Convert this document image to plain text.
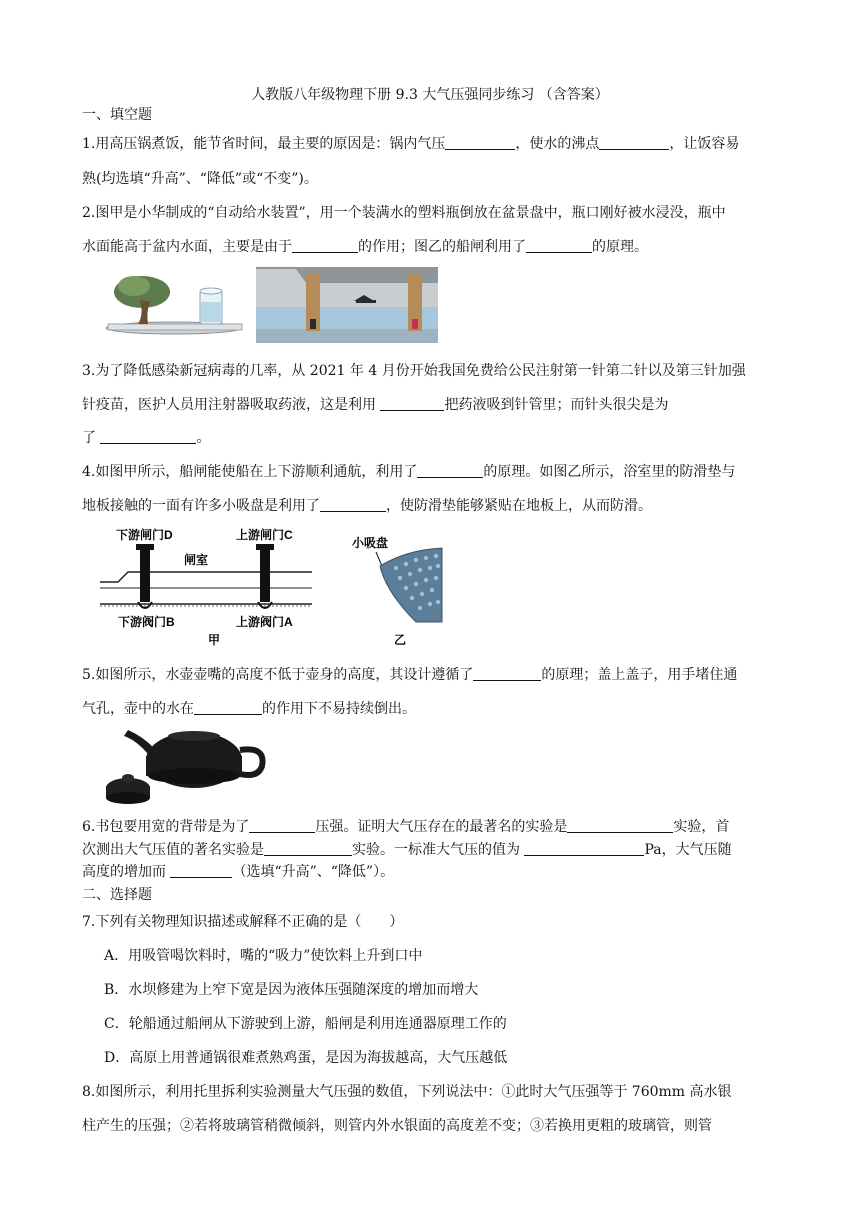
人教版八年级物理下册 9.3 大气压强同步练习 （含答案）
一、填空题
1.用高压锅煮饭，能节省时间，最主要的原因是：锅内气压	，使水的沸点	，让饭容易
熟(均选填“升高”、“降低”或“不变”)。
2.图甲是小华制成的“自动给水装置”，用一个装满水的塑料瓶倒放在盆景盘中，瓶口刚好被水浸没，瓶中
水面能高于盆内水面，主要是由于	的作用；图乙的船闸利用了	的原理。
3.为了降低感染新冠病毒的几率，从 2021 年 4 月份开始我国免费给公民注射第一针第二针以及第三针加强
针疫苗，医护人员用注射器吸取药液，这是利用	把药液吸到针管里；而针头很尖是为
了	。
4.如图甲所示，船闸能使船在上下游顺利通航，利用了	的原理。如图乙所示，浴室里的防滑垫与
地板接触的一面有许多小吸盘是利用了	，使防滑垫能够紧贴在地板上，从而防滑。
下游闸门D	上游闸门C
闸室
下游阀门B	上游阀门A
甲
小吸盘
乙
5.如图所示，水壶壶嘴的高度不低于壶身的高度，其设计遵循了	的原理；盖上盖子，用手堵住通
气孔，壶中的水在	的作用下不易持续倒出。
6.书包要用宽的背带是为了	压强。证明大气压存在的最著名的实验是	实验，首
次测出大气压值的著名实验是	实验。一标准大气压的值为	Pa，大气压随
高度的增加而	（选填“升高”、“降低”）。
二、选择题
7.下列有关物理知识描述或解释不正确的是（　　）
A．用吸管喝饮料时，嘴的“吸力”使饮料上升到口中
B．水坝修建为上窄下宽是因为液体压强随深度的增加而增大
C．轮船通过船闸从下游驶到上游，船闸是利用连通器原理工作的
D．高原上用普通锅很难煮熟鸡蛋，是因为海拔越高，大气压越低
8.如图所示，利用托里拆利实验测量大气压强的数值，下列说法中：①此时大气压强等于 760mm 高水银
柱产生的压强；②若将玻璃管稍微倾斜，则管内外水银面的高度差不变；③若换用更粗的玻璃管，则管
